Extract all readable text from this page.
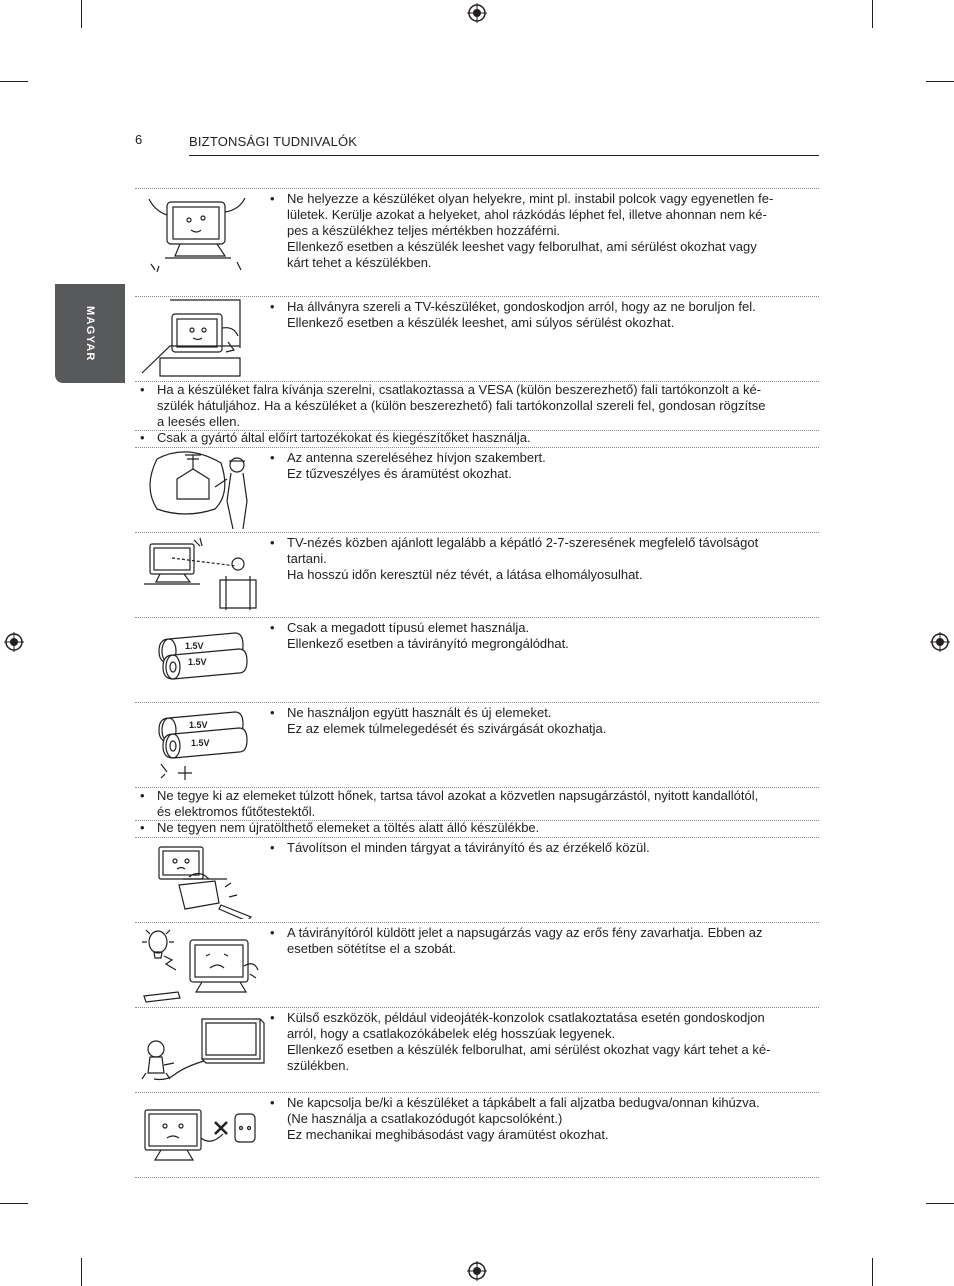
6	BIZTONSÁGI TUDNIVALÓK
MAGYAR
• Ne helyezze a készüléket olyan helyekre, mint pl. instabil polcok vagy egyenetlen fe-

lületek. Kerülje azokat a helyeket, ahol rázkódás léphet fel, illetve ahonnan nem ké-

pes a készülékhez teljes mértékben hozzáférni.

Ellenkező esetben a készülék leeshet vagy felborulhat, ami sérülést okozhat vagy

kárt tehet a készülékben.

• Ha állványra szereli a TV-készüléket, gondoskodjon arról, hogy az ne boruljon fel.

Ellenkező esetben a készülék leeshet, ami súlyos sérülést okozhat.

• Ha a készüléket falra kívánja szerelni, csatlakoztassa a VESA (külön beszerezhető) fali tartókonzolt a ké-

szülék hátuljához. Ha a készüléket a (külön beszerezhető) fali tartókonzollal szereli fel, gondosan rögzítse

a leesés ellen.

• Csak a gyártó által előírt tartozékokat és kiegészítőket használja.

• Az antenna szereléséhez hívjon szakembert.

Ez tűzveszélyes és áramütést okozhat.

• TV-nézés közben ajánlott legalább a képátló 2-7-szeresének megfelelő távolságot

tartani.

Ha hosszú időn keresztül néz tévét, a látása elhomályosulhat.

1.5V
1.5V
• Csak a megadott típusú elemet használja.

Ellenkező esetben a távirányító megrongálódhat.

1.5V
1.5V
• Ne használjon együtt használt és új elemeket.

Ez az elemek túlmelegedését és szivárgását okozhatja.

• Ne tegye ki az elemeket túlzott hőnek, tartsa távol azokat a közvetlen napsugárzástól, nyitott kandallótól,

és elektromos fűtőtestektől.

• Ne tegyen nem újratölthető elemeket a töltés alatt álló készülékbe.

• Távolítson el minden tárgyat a távirányító és az érzékelő közül.

• A távirányítóról küldött jelet a napsugárzás vagy az erős fény zavarhatja. Ebben az

esetben sötétítse el a szobát.

• Külső eszközök, például videojáték-konzolok csatlakoztatása esetén gondoskodjon

arról, hogy a csatlakozókábelek elég hosszúak legyenek.

Ellenkező esetben a készülék felborulhat, ami sérülést okozhat vagy kárt tehet a ké-

szülékben.

• Ne kapcsolja be/ki a készüléket a tápkábelt a fali aljzatba bedugva/onnan kihúzva.

(Ne használja a csatlakozódugót kapcsolóként.)

Ez mechanikai meghibásodást vagy áramütést okozhat.
